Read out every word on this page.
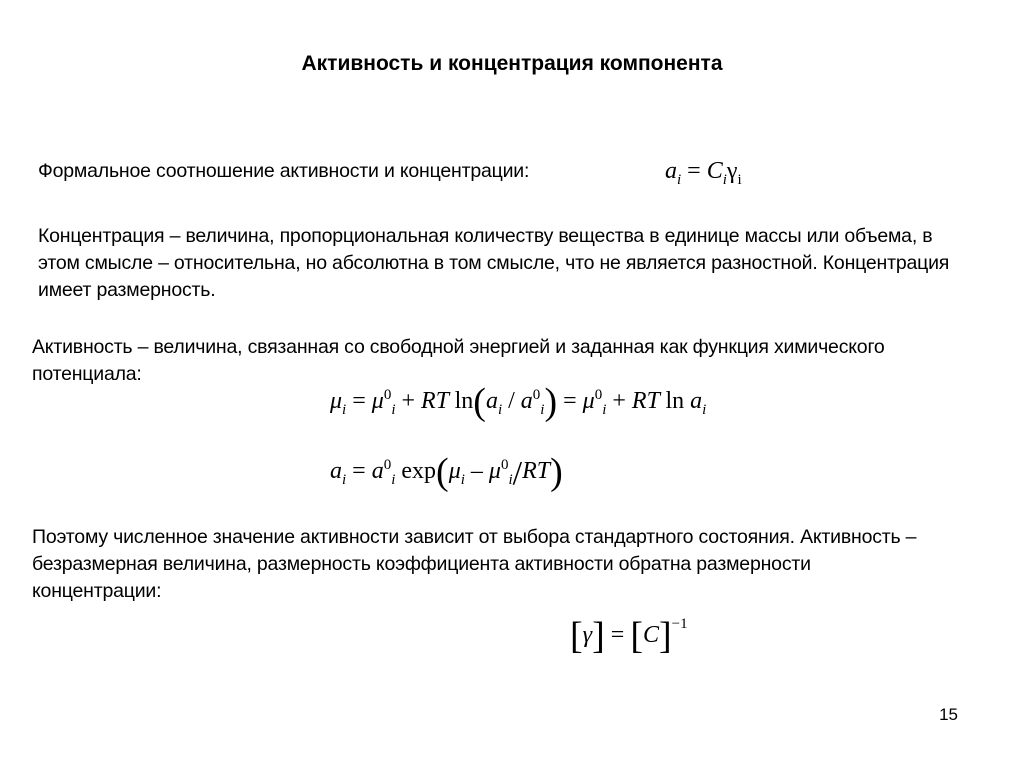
Активность и концентрация компонента
Формальное соотношение активности и концентрации:	$a_i = C_i\gamma_i$
Концентрация – величина, пропорциональная количеству вещества в единице массы или объема, в этом смысле – относительна, но абсолютна в том смысле, что не является разностной. Концентрация имеет размерность.
Активность – величина, связанная со свободной энергией и заданная как функция химического потенциала:
$\mu_i = \mu^0_i$ + RT $\ln(a_i / a^0_i) = \mu^0_i$ + RT $\ln a_i$
$a_i = a^0_i$ $\exp(\mu_i - \mu^0_i/RT)$
Поэтому численное значение активности зависит от выбора стандартного состояния. Активность – безразмерная величина, размерность коэффициента активности обратна размерности концентрации:
$[\gamma] = [C]^{-1}$
15
